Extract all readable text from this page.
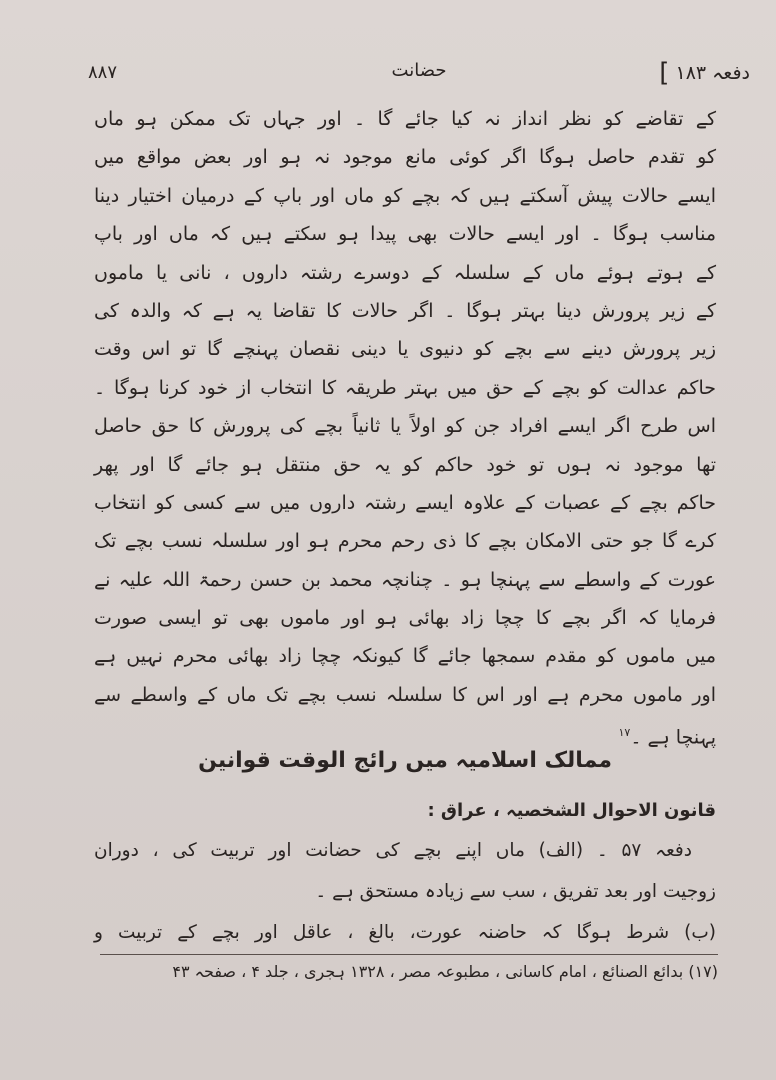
۸۸۷	حضانت	دفعہ ۱۸۳ ]
کے تقاضے کو نظر انداز نہ کیا جائے گا ۔ اور جہاں تک ممکن ہو ماں
کو تقدم حاصل ہوگا اگر کوئی مانع موجود نہ ہو اور بعض مواقع میں
ایسے حالات پیش آسکتے ہیں کہ بچے کو ماں اور باپ کے درمیان اختیار دینا
مناسب ہوگا ۔ اور ایسے حالات بھی پیدا ہو سکتے ہیں کہ ماں اور باپ
کے ہوتے ہوئے ماں کے سلسلہ کے دوسرے رشتہ داروں ، نانی یا ماموں
کے زیر پرورش دینا بہتر ہوگا ۔ اگر حالات کا تقاضا یہ ہے کہ والدہ کی
زیر پرورش دینے سے بچے کو دنیوی یا دینی نقصان پہنچے گا تو اس وقت
حاکم عدالت کو بچے کے حق میں بہتر طریقہ کا انتخاب از خود کرنا ہوگا ۔
اس طرح اگر ایسے افراد جن کو اولاً یا ثانیاً بچے کی پرورش کا حق حاصل
تھا موجود نہ ہوں تو خود حاکم کو یہ حق منتقل ہو جائے گا اور پھر
حاکم بچے کے عصبات کے علاوہ ایسے رشتہ داروں میں سے کسی کو انتخاب
کرے گا جو حتی الامکان بچے کا ذی رحم محرم ہو اور سلسلہ نسب بچے تک
عورت کے واسطے سے پہنچا ہو ۔ چنانچہ محمد بن حسن رحمۃ اللہ علیہ نے
فرمایا کہ اگر بچے کا چچا زاد بھائی ہو اور ماموں بھی تو ایسی صورت
میں ماموں کو مقدم سمجھا جائے گا کیونکہ چچا زاد بھائی محرم نہیں ہے
اور ماموں محرم ہے اور اس کا سلسلہ نسب بچے تک ماں کے واسطے سے
پہنچا ہے ۔$^{۱۷}$
ممالک اسلامیہ میں رائج الوقت قوانین
قانون الاحوال الشخصیہ ، عراق :
دفعہ ۵۷ ۔ (الف) ماں اپنے بچے کی حضانت اور تربیت کی ، دوران
زوجیت اور بعد تفریق ، سب سے زیادہ مستحق ہے ۔
(ب) شرط ہوگا کہ حاضنہ عورت، بالغ ، عاقل اور بچے کے تربیت و
(۱۷) بدائع الصنائع ، امام کاسانی ، مطبوعہ مصر ، ۱۳۲۸ ہجری ، جلد ۴ ، صفحہ ۴۳
